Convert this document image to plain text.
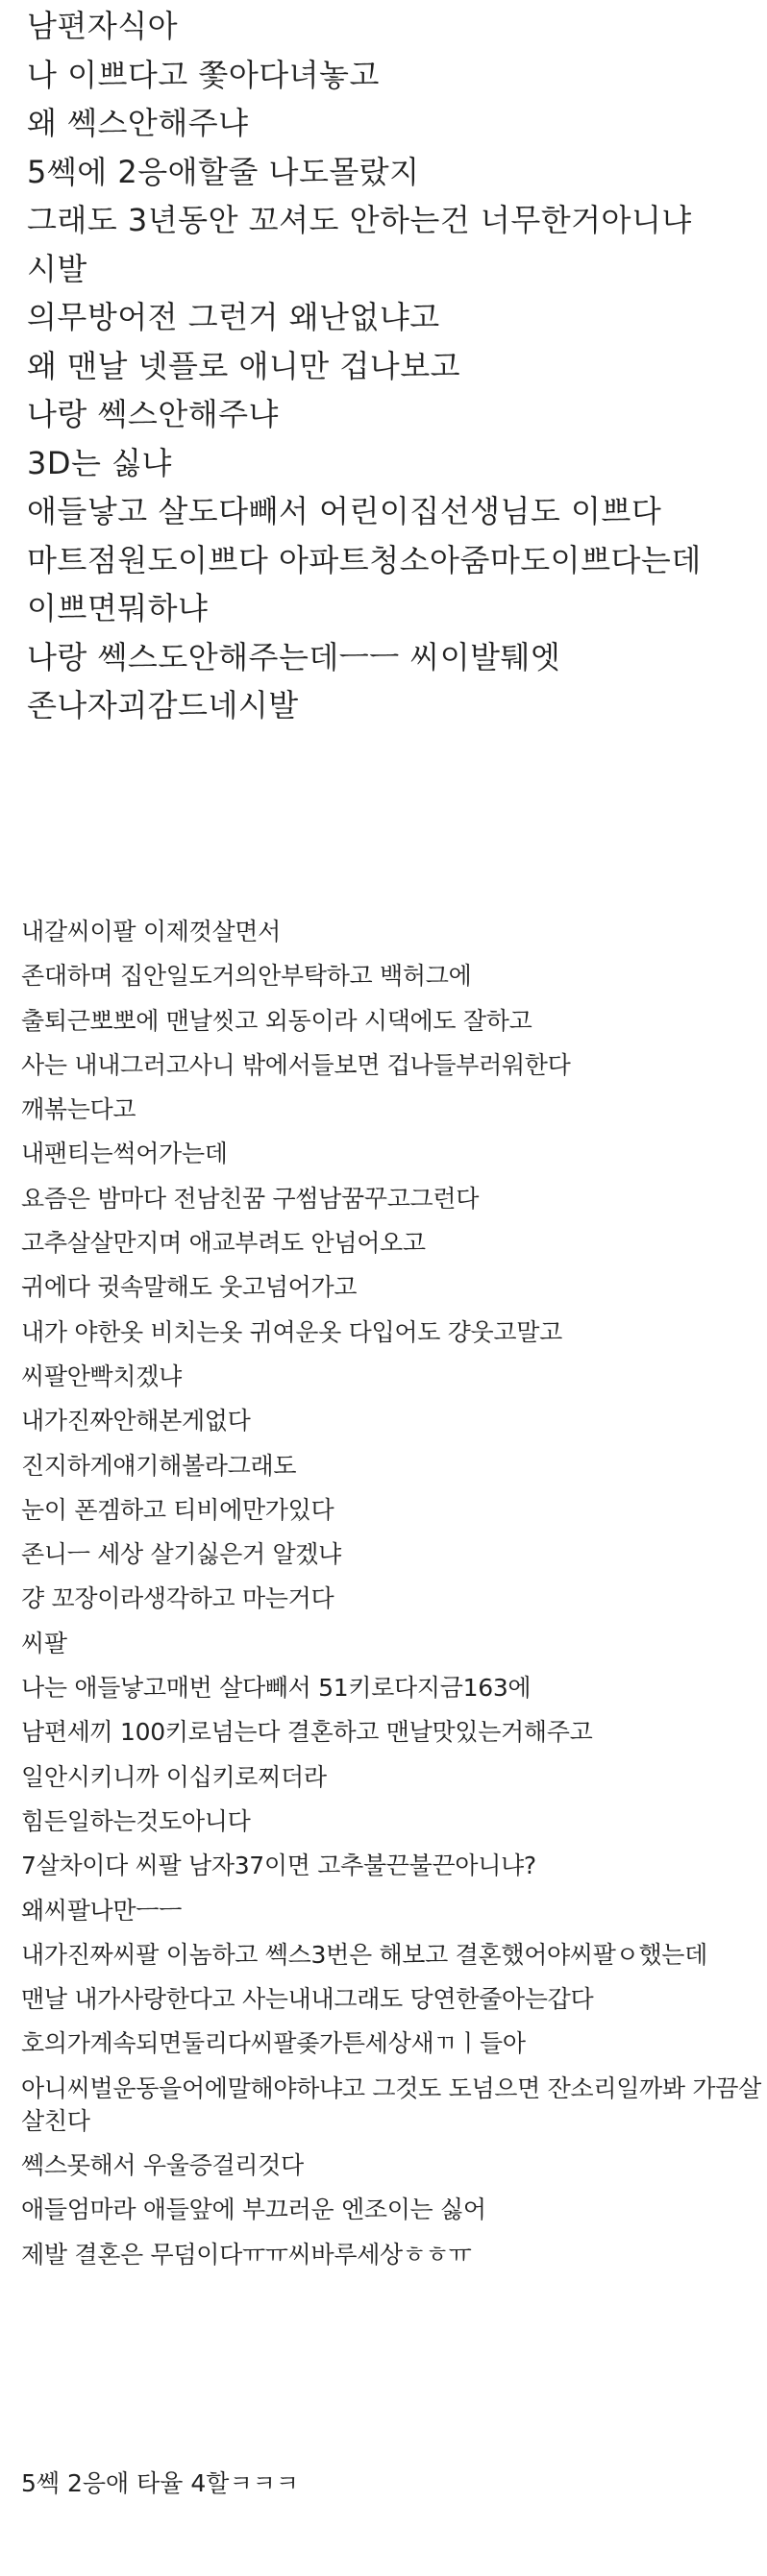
남편자식아
나 이쁘다고 쫓아다녀놓고
왜 쎅스안해주냐
5쎅에 2응애할줄 나도몰랐지
그래도 3년동안 꼬셔도 안하는건 너무한거아니냐
시발
의무방어전 그런거 왜난없냐고
왜 맨날 넷플로 애니만 겁나보고
나랑 쎅스안해주냐
3D는 싫냐
애들낳고 살도다빼서 어린이집선생님도 이쁘다
마트점원도이쁘다 아파트청소아줌마도이쁘다는데
이쁘면뭐하냐
나랑 쎅스도안해주는데ㅡㅡ 씨이발퉤엣
존나자괴감드네시발
내갈씨이팔 이제껏살면서
존대하며 집안일도거의안부탁하고 백허그에
출퇴근뽀뽀에 맨날씻고 외동이라 시댁에도 잘하고
사는 내내그러고사니 밖에서들보면 겁나들부러워한다
깨볶는다고
내팬티는썩어가는데
요즘은 밤마다 전남친꿈 구썸남꿈꾸고그런다
고추살살만지며 애교부려도 안넘어오고
귀에다 귓속말해도 웃고넘어가고
내가 야한옷 비치는옷 귀여운옷 다입어도 걍웃고말고
씨팔안빡치겠냐
내가진짜안해본게없다
진지하게얘기해볼라그래도
눈이 폰겜하고 티비에만가있다
존니ㅡ 세상 살기싫은거 알겠냐
걍 꼬장이라생각하고 마는거다
씨팔
나는 애들낳고매번 살다빼서 51키로다지금163에
남편세끼 100키로넘는다 결혼하고 맨날맛있는거해주고
일안시키니까 이십키로찌더라
힘든일하는것도아니다
7살차이다 씨팔 남자37이면 고추불끈불끈아니냐?
왜씨팔나만ㅡㅡ
내가진짜씨팔 이놈하고 쎅스3번은 해보고 결혼했어야씨팔ㅇ했는데
맨날 내가사랑한다고 사는내내그래도 당연한줄아는갑다
호의가계속되면둘리다씨팔좆가튼세상새ㄲㅣ들아
아니씨벌운동을어에말해야하냐고 그것도 도넘으면 잔소리일까봐 가끔살살친다
쎅스못해서 우울증걸리것다
애들엄마라 애들앞에 부끄러운 엔조이는 싫어
제발 결혼은 무덤이다ㅠㅠ씨바루세상ㅎㅎㅠ
5쎅 2응애 타율 4할ㅋㅋㅋ
